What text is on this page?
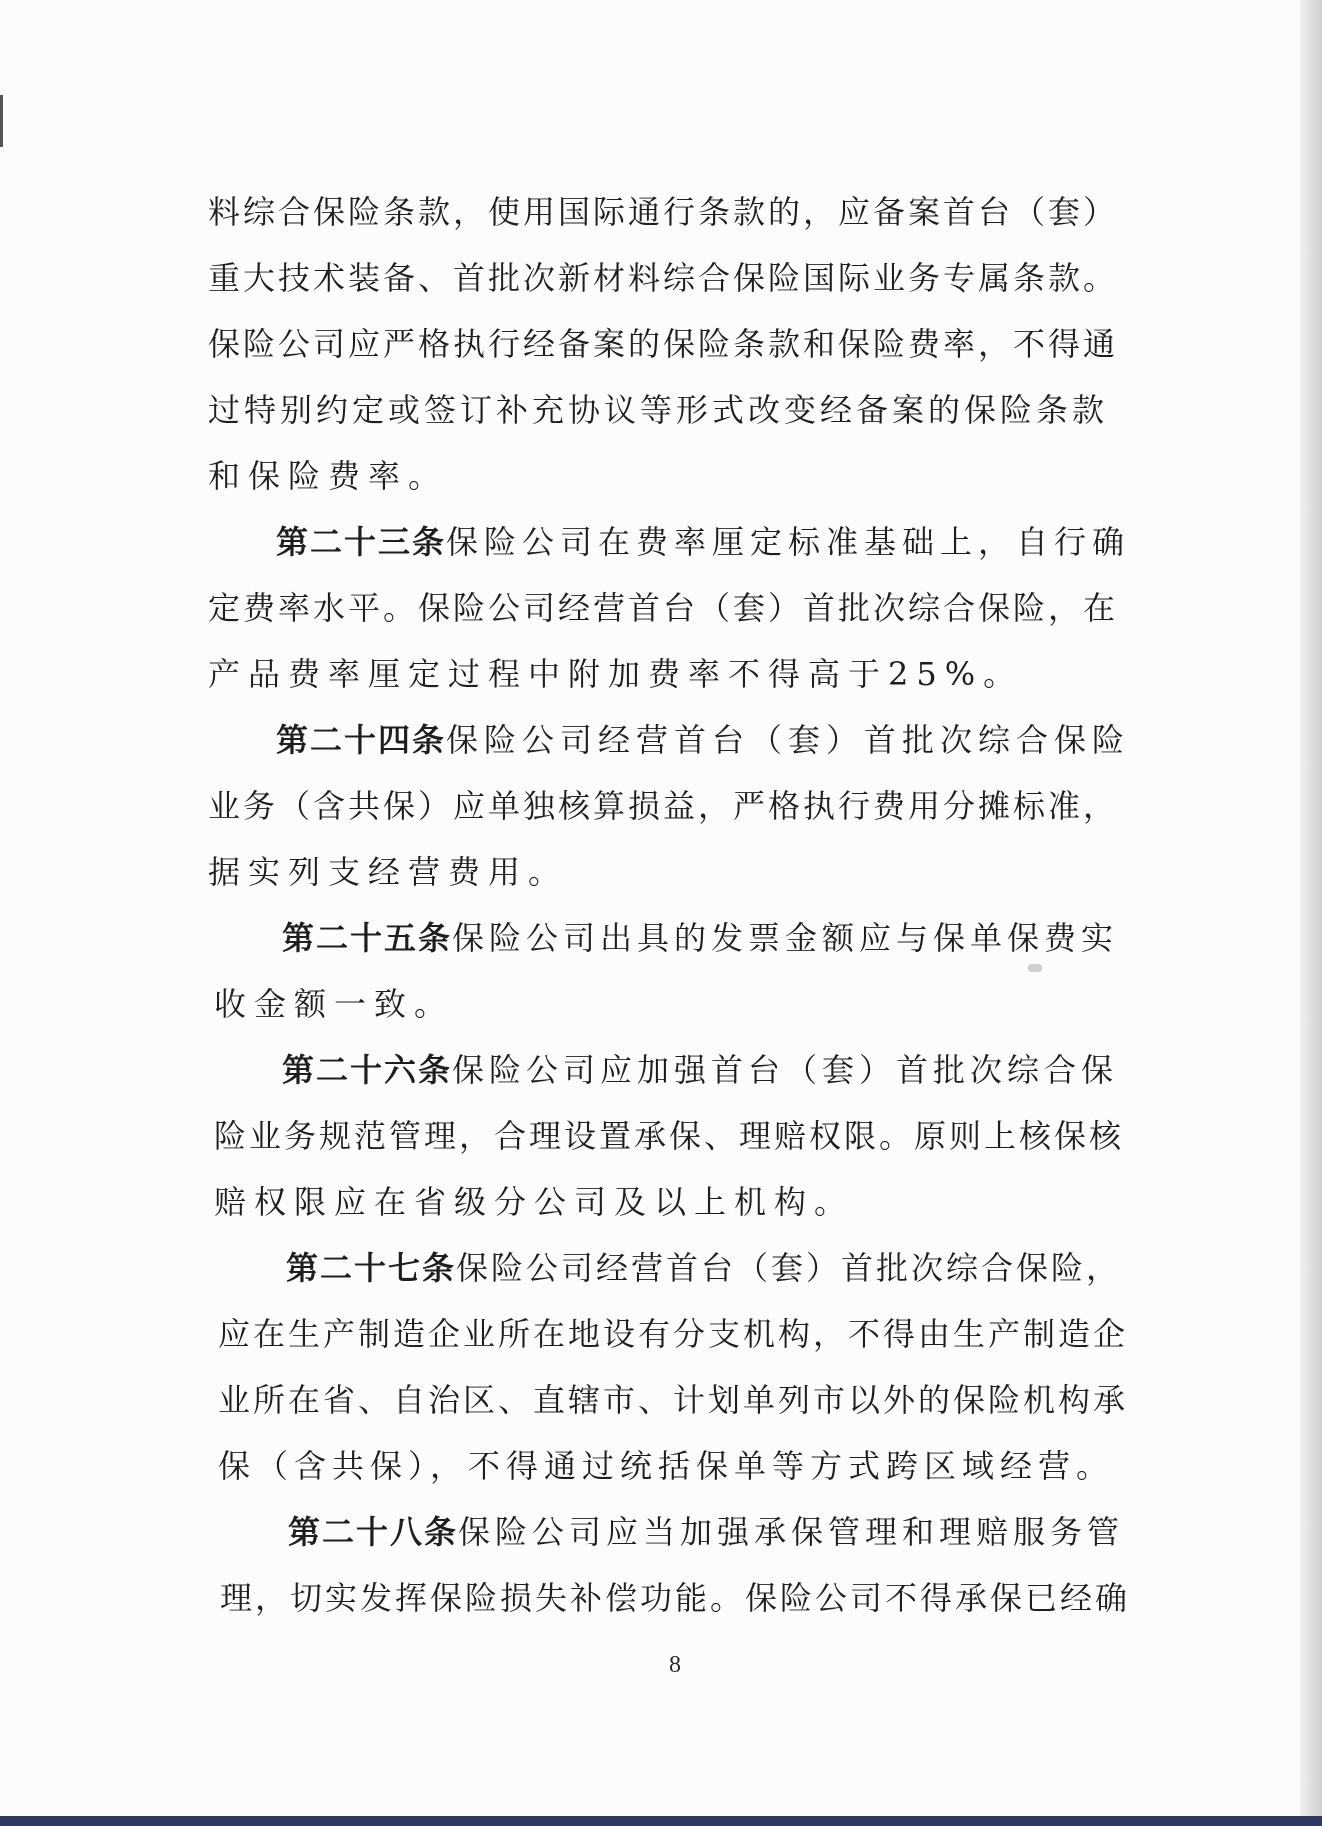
料综合保险条款，使用国际通行条款的，应备案首台（套）
重大技术装备、首批次新材料综合保险国际业务专属条款。
保险公司应严格执行经备案的保险条款和保险费率，不得通
过特别约定或签订补充协议等形式改变经备案的保险条款
和保险费率。
第二十三条保险公司在费率厘定标准基础上，自行确
定费率水平。保险公司经营首台（套）首批次综合保险，在
产品费率厘定过程中附加费率不得高于25%。
第二十四条保险公司经营首台（套）首批次综合保险
业务（含共保）应单独核算损益，严格执行费用分摊标准，
据实列支经营费用。
第二十五条保险公司出具的发票金额应与保单保费实
收金额一致。
第二十六条保险公司应加强首台（套）首批次综合保
险业务规范管理，合理设置承保、理赔权限。原则上核保核
赔权限应在省级分公司及以上机构。
第二十七条保险公司经营首台（套）首批次综合保险，
应在生产制造企业所在地设有分支机构，不得由生产制造企
业所在省、自治区、直辖市、计划单列市以外的保险机构承
保（含共保），不得通过统括保单等方式跨区域经营。
第二十八条保险公司应当加强承保管理和理赔服务管
理，切实发挥保险损失补偿功能。保险公司不得承保已经确
8
